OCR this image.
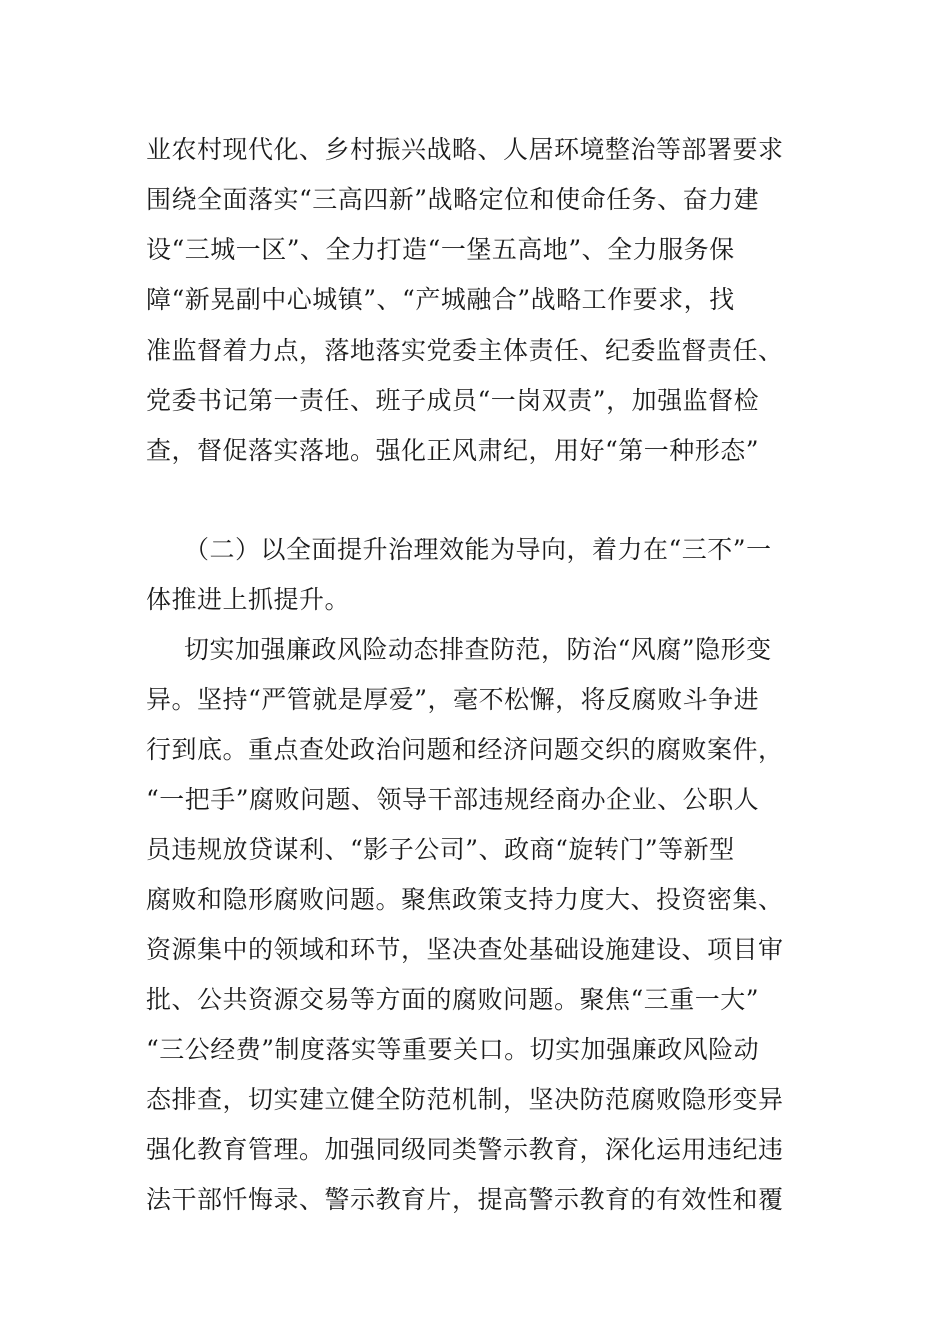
业农村现代化、乡村振兴战略、人居环境整治等部署要求
围绕全面落实“三高四新”战略定位和使命任务、奋力建
设“三城一区”、全力打造“一堡五高地”、全力服务保
障“新晃副中心城镇”、“产城融合”战略工作要求，找
准监督着力点，落地落实党委主体责任、纪委监督责任、
党委书记第一责任、班子成员“一岗双责”，加强监督检
查，督促落实落地。强化正风肃纪，用好“第一种形态”
（二）以全面提升治理效能为导向，着力在“三不”一
体推进上抓提升。
切实加强廉政风险动态排查防范，防治“风腐”隐形变
异。坚持“严管就是厚爱”，毫不松懈，将反腐败斗争进
行到底。重点查处政治问题和经济问题交织的腐败案件，
“一把手”腐败问题、领导干部违规经商办企业、公职人
员违规放贷谋利、“影子公司”、政商“旋转门”等新型
腐败和隐形腐败问题。聚焦政策支持力度大、投资密集、
资源集中的领域和环节，坚决查处基础设施建设、项目审
批、公共资源交易等方面的腐败问题。聚焦“三重一大”
“三公经费”制度落实等重要关口。切实加强廉政风险动
态排查，切实建立健全防范机制，坚决防范腐败隐形变异
强化教育管理。加强同级同类警示教育，深化运用违纪违
法干部忏悔录、警示教育片，提高警示教育的有效性和覆
